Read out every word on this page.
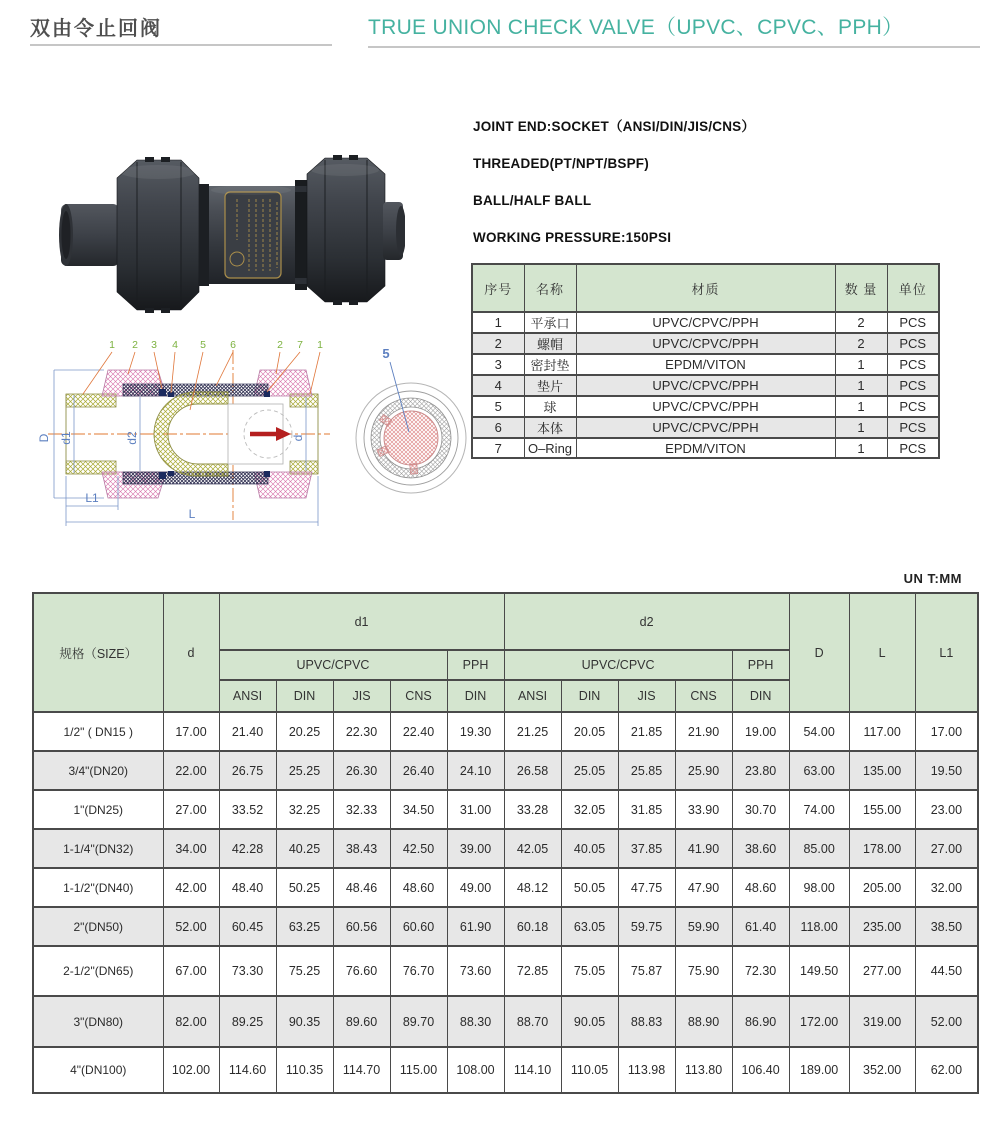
双由令止回阀	TRUE UNION CHECK VALVE（UPVC、CPVC、PPH）
JOINT END:SOCKET（ANSI/DIN/JIS/CNS）
THREADED(PT/NPT/BSPF)
BALL/HALF BALL
WORKING PRESSURE:150PSI
序号	名称	材质	数 量	单位
1	平承口	UPVC/CPVC/PPH	2	PCS
2	螺帽	UPVC/CPVC/PPH	2	PCS
3	密封垫	EPDM/VITON	1	PCS
4	垫片	UPVC/CPVC/PPH	1	PCS
5	球	UPVC/CPVC/PPH	1	PCS
6	本体	UPVC/CPVC/PPH	1	PCS
7	O–Ring	EPDM/VITON	1	PCS
D d1	d2	d
L1
L
1 2 3 4 5 6	2 7 1
5
UN T:MM
规格（SIZE）	d	d1					d2					D	L	L1
		UPVC/CPVC				PPH	UPVC/CPVC				PPH			
		ANSI	DIN	JIS	CNS	DIN	ANSI	DIN	JIS	CNS	DIN			
1/2" ( DN15 )	17.00	21.40	20.25	22.30	22.40	19.30	21.25	20.05	21.85	21.90	19.00	54.00	117.00	17.00
3/4"(DN20)	22.00	26.75	25.25	26.30	26.40	24.10	26.58	25.05	25.85	25.90	23.80	63.00	135.00	19.50
1"(DN25)	27.00	33.52	32.25	32.33	34.50	31.00	33.28	32.05	31.85	33.90	30.70	74.00	155.00	23.00
1-1/4"(DN32)	34.00	42.28	40.25	38.43	42.50	39.00	42.05	40.05	37.85	41.90	38.60	85.00	178.00	27.00
1-1/2"(DN40)	42.00	48.40	50.25	48.46	48.60	49.00	48.12	50.05	47.75	47.90	48.60	98.00	205.00	32.00
2"(DN50)	52.00	60.45	63.25	60.56	60.60	61.90	60.18	63.05	59.75	59.90	61.40	118.00	235.00	38.50
2-1/2"(DN65)	67.00	73.30	75.25	76.60	76.70	73.60	72.85	75.05	75.87	75.90	72.30	149.50	277.00	44.50
3"(DN80)	82.00	89.25	90.35	89.60	89.70	88.30	88.70	90.05	88.83	88.90	86.90	172.00	319.00	52.00
4"(DN100)	102.00	114.60	110.35	114.70	115.00	108.00	114.10	110.05	113.98	113.80	106.40	189.00	352.00	62.00
